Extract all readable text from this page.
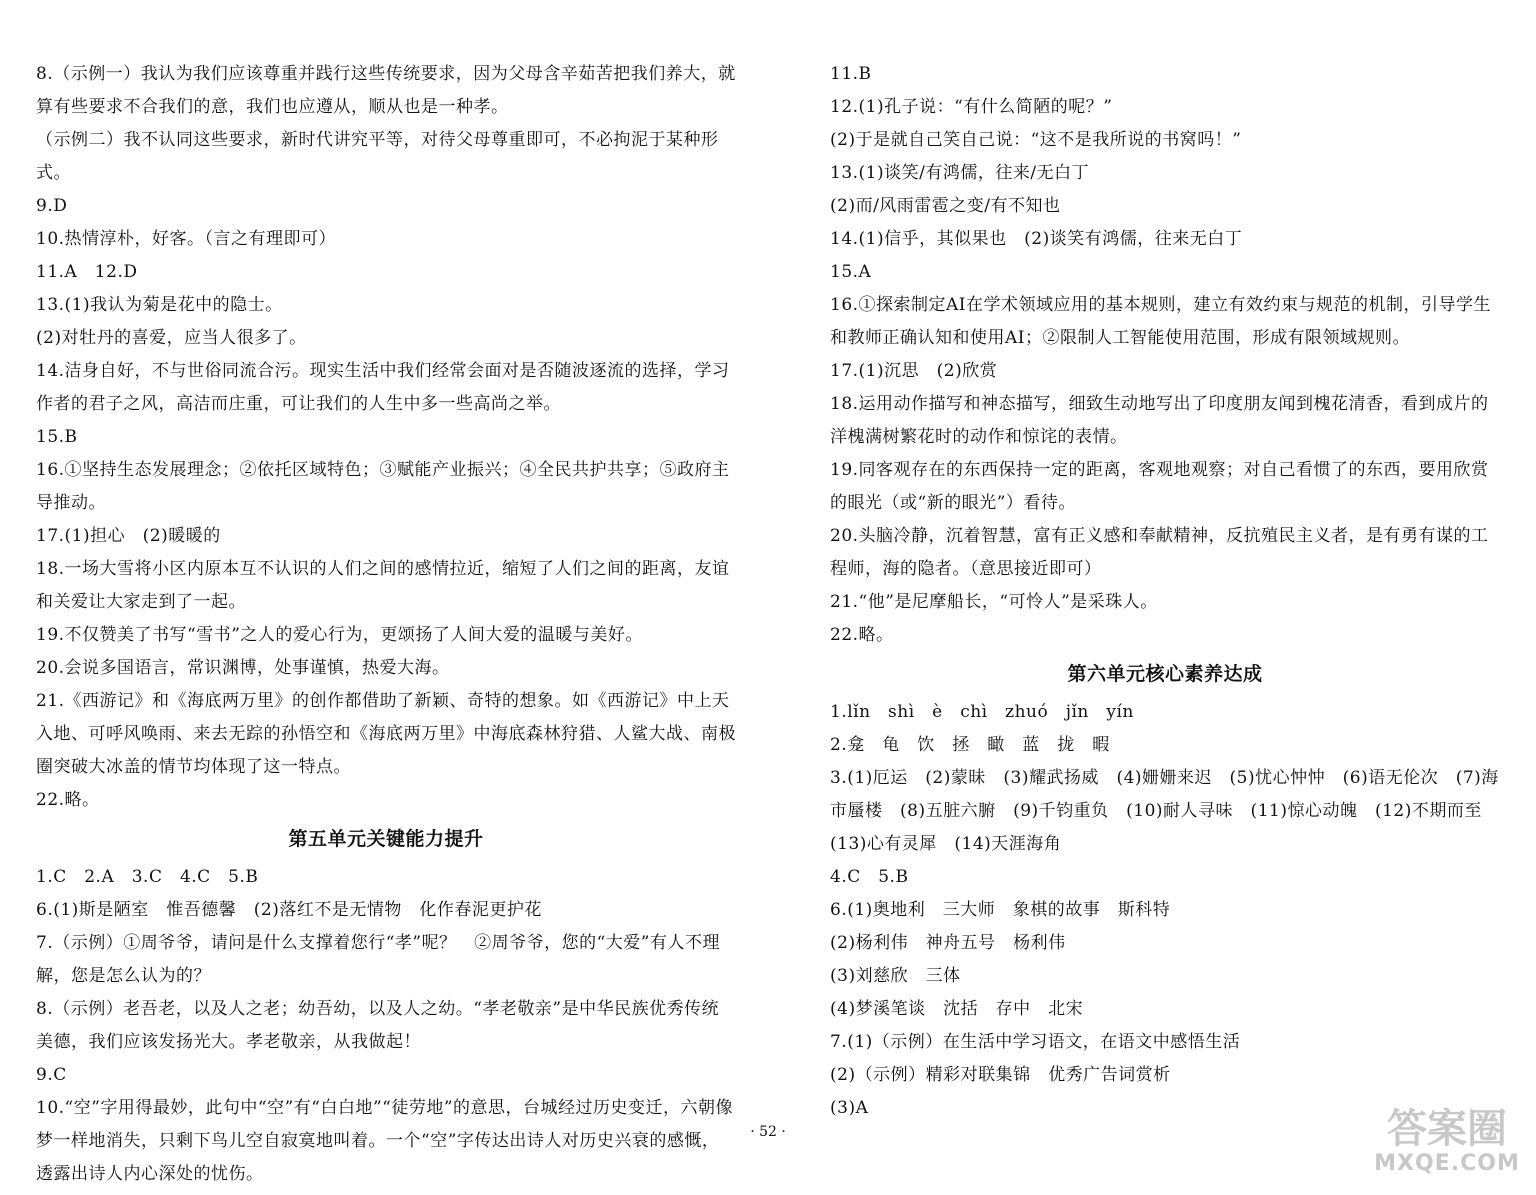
8.（示例一）我认为我们应该尊重并践行这些传统要求，因为父母含辛茹苦把我们养大，就算有些要求不合我们的意，我们也应遵从，顺从也是一种孝。

（示例二）我不认同这些要求，新时代讲究平等，对待父母尊重即可，不必拘泥于某种形式。

9.D

10.热情淳朴，好客。（言之有理即可）

11.A　12.D

13.(1)我认为菊是花中的隐士。

(2)对牡丹的喜爱，应当人很多了。

14.洁身自好，不与世俗同流合污。现实生活中我们经常会面对是否随波逐流的选择，学习作者的君子之风，高洁而庄重，可让我们的人生中多一些高尚之举。

15.B

16.①坚持生态发展理念；②依托区域特色；③赋能产业振兴；④全民共护共享；⑤政府主导推动。

17.(1)担心　(2)暖暖的

18.一场大雪将小区内原本互不认识的人们之间的感情拉近，缩短了人们之间的距离，友谊和关爱让大家走到了一起。

19.不仅赞美了书写“雪书”之人的爱心行为，更颂扬了人间大爱的温暖与美好。

20.会说多国语言，常识渊博，处事谨慎，热爱大海。

21.《西游记》和《海底两万里》的创作都借助了新颖、奇特的想象。如《西游记》中上天入地、可呼风唤雨、来去无踪的孙悟空和《海底两万里》中海底森林狩猎、人鲨大战、南极圈突破大冰盖的情节均体现了这一特点。

22.略。

第五单元关键能力提升

1.C　2.A　3.C　4.C　5.B

6.(1)斯是陋室　惟吾德馨　(2)落红不是无情物　化作春泥更护花

7.（示例）①周爷爷，请问是什么支撑着您行“孝”呢？　②周爷爷，您的“大爱”有人不理解，您是怎么认为的？

8.（示例）老吾老，以及人之老；幼吾幼，以及人之幼。“孝老敬亲”是中华民族优秀传统美德，我们应该发扬光大。孝老敬亲，从我做起！

9.C

10.“空”字用得最妙，此句中“空”有“白白地”“徒劳地”的意思，台城经过历史变迁，六朝像梦一样地消失，只剩下鸟儿空自寂寞地叫着。一个“空”字传达出诗人对历史兴衰的感慨，透露出诗人内心深处的忧伤。

11.B

12.(1)孔子说：“有什么简陋的呢？”

(2)于是就自己笑自己说：“这不是我所说的书窝吗！”

13.(1)谈笑/有鸿儒，往来/无白丁

(2)而/风雨雷雹之变/有不知也

14.(1)信乎，其似果也　(2)谈笑有鸿儒，往来无白丁

15.A

16.①探索制定AI在学术领域应用的基本规则，建立有效约束与规范的机制，引导学生和教师正确认知和使用AI；②限制人工智能使用范围，形成有限领域规则。

17.(1)沉思　(2)欣赏

18.运用动作描写和神态描写，细致生动地写出了印度朋友闻到槐花清香，看到成片的洋槐满树繁花时的动作和惊诧的表情。

19.同客观存在的东西保持一定的距离，客观地观察；对自己看惯了的东西，要用欣赏的眼光（或“新的眼光”）看待。

20.头脑冷静，沉着智慧，富有正义感和奉献精神，反抗殖民主义者，是有勇有谋的工程师，海的隐者。（意思接近即可）

21.“他”是尼摩船长，“可怜人”是采珠人。

22.略。

第六单元核心素养达成

1.lǐn　shì　è　chì　zhuó　jǐn　yín

2.龛　龟　饮　拯　瞰　蓝　拢　暇

3.(1)厄运　(2)蒙昧　(3)耀武扬威　(4)姗姗来迟　(5)忧心忡忡　(6)语无伦次　(7)海市蜃楼　(8)五脏六腑　(9)千钧重负　(10)耐人寻味　(11)惊心动魄　(12)不期而至　(13)心有灵犀　(14)天涯海角

4.C　5.B

6.(1)奥地利　三大师　象棋的故事　斯科特

(2)杨利伟　神舟五号　杨利伟

(3)刘慈欣　三体

(4)梦溪笔谈　沈括　存中　北宋

7.(1)（示例）在生活中学习语文，在语文中感悟生活

(2)（示例）精彩对联集锦　优秀广告词赏析

(3)A

· 52 ·	答案圈
MXQE.COM
